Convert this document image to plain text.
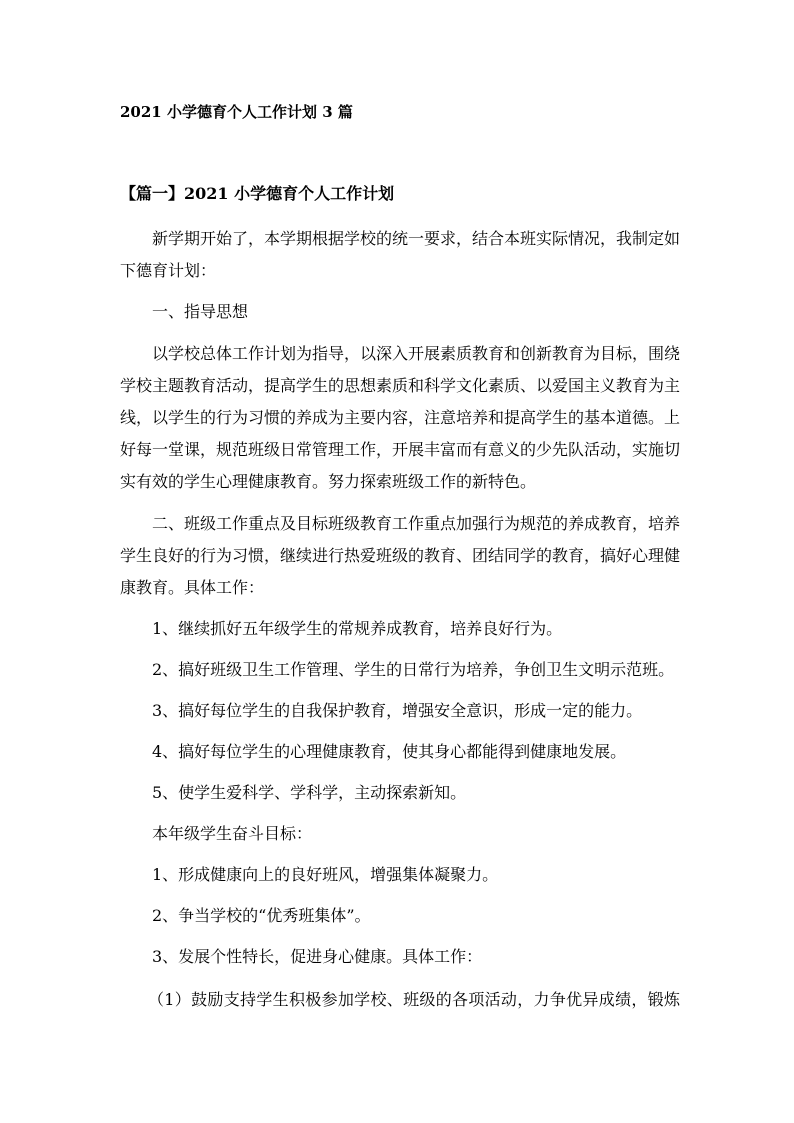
2021 小学德育个人工作计划 3 篇
【篇一】2021 小学德育个人工作计划
新学期开始了，本学期根据学校的统一要求，结合本班实际情况，我制定如
下德育计划：
一、指导思想
以学校总体工作计划为指导，以深入开展素质教育和创新教育为目标，围绕
学校主题教育活动，提高学生的思想素质和科学文化素质、以爱国主义教育为主
线，以学生的行为习惯的养成为主要内容，注意培养和提高学生的基本道德。上
好每一堂课，规范班级日常管理工作，开展丰富而有意义的少先队活动，实施切
实有效的学生心理健康教育。努力探索班级工作的新特色。
二、班级工作重点及目标班级教育工作重点加强行为规范的养成教育，培养
学生良好的行为习惯，继续进行热爱班级的教育、团结同学的教育，搞好心理健
康教育。具体工作：
1、继续抓好五年级学生的常规养成教育，培养良好行为。
2、搞好班级卫生工作管理、学生的日常行为培养，争创卫生文明示范班。
3、搞好每位学生的自我保护教育，增强安全意识，形成一定的能力。
4、搞好每位学生的心理健康教育，使其身心都能得到健康地发展。
5、使学生爱科学、学科学，主动探索新知。
本年级学生奋斗目标：
1、形成健康向上的良好班风，增强集体凝聚力。
2、争当学校的“优秀班集体”。
3、发展个性特长，促进身心健康。具体工作：
（1）鼓励支持学生积极参加学校、班级的各项活动，力争优异成绩，锻炼
